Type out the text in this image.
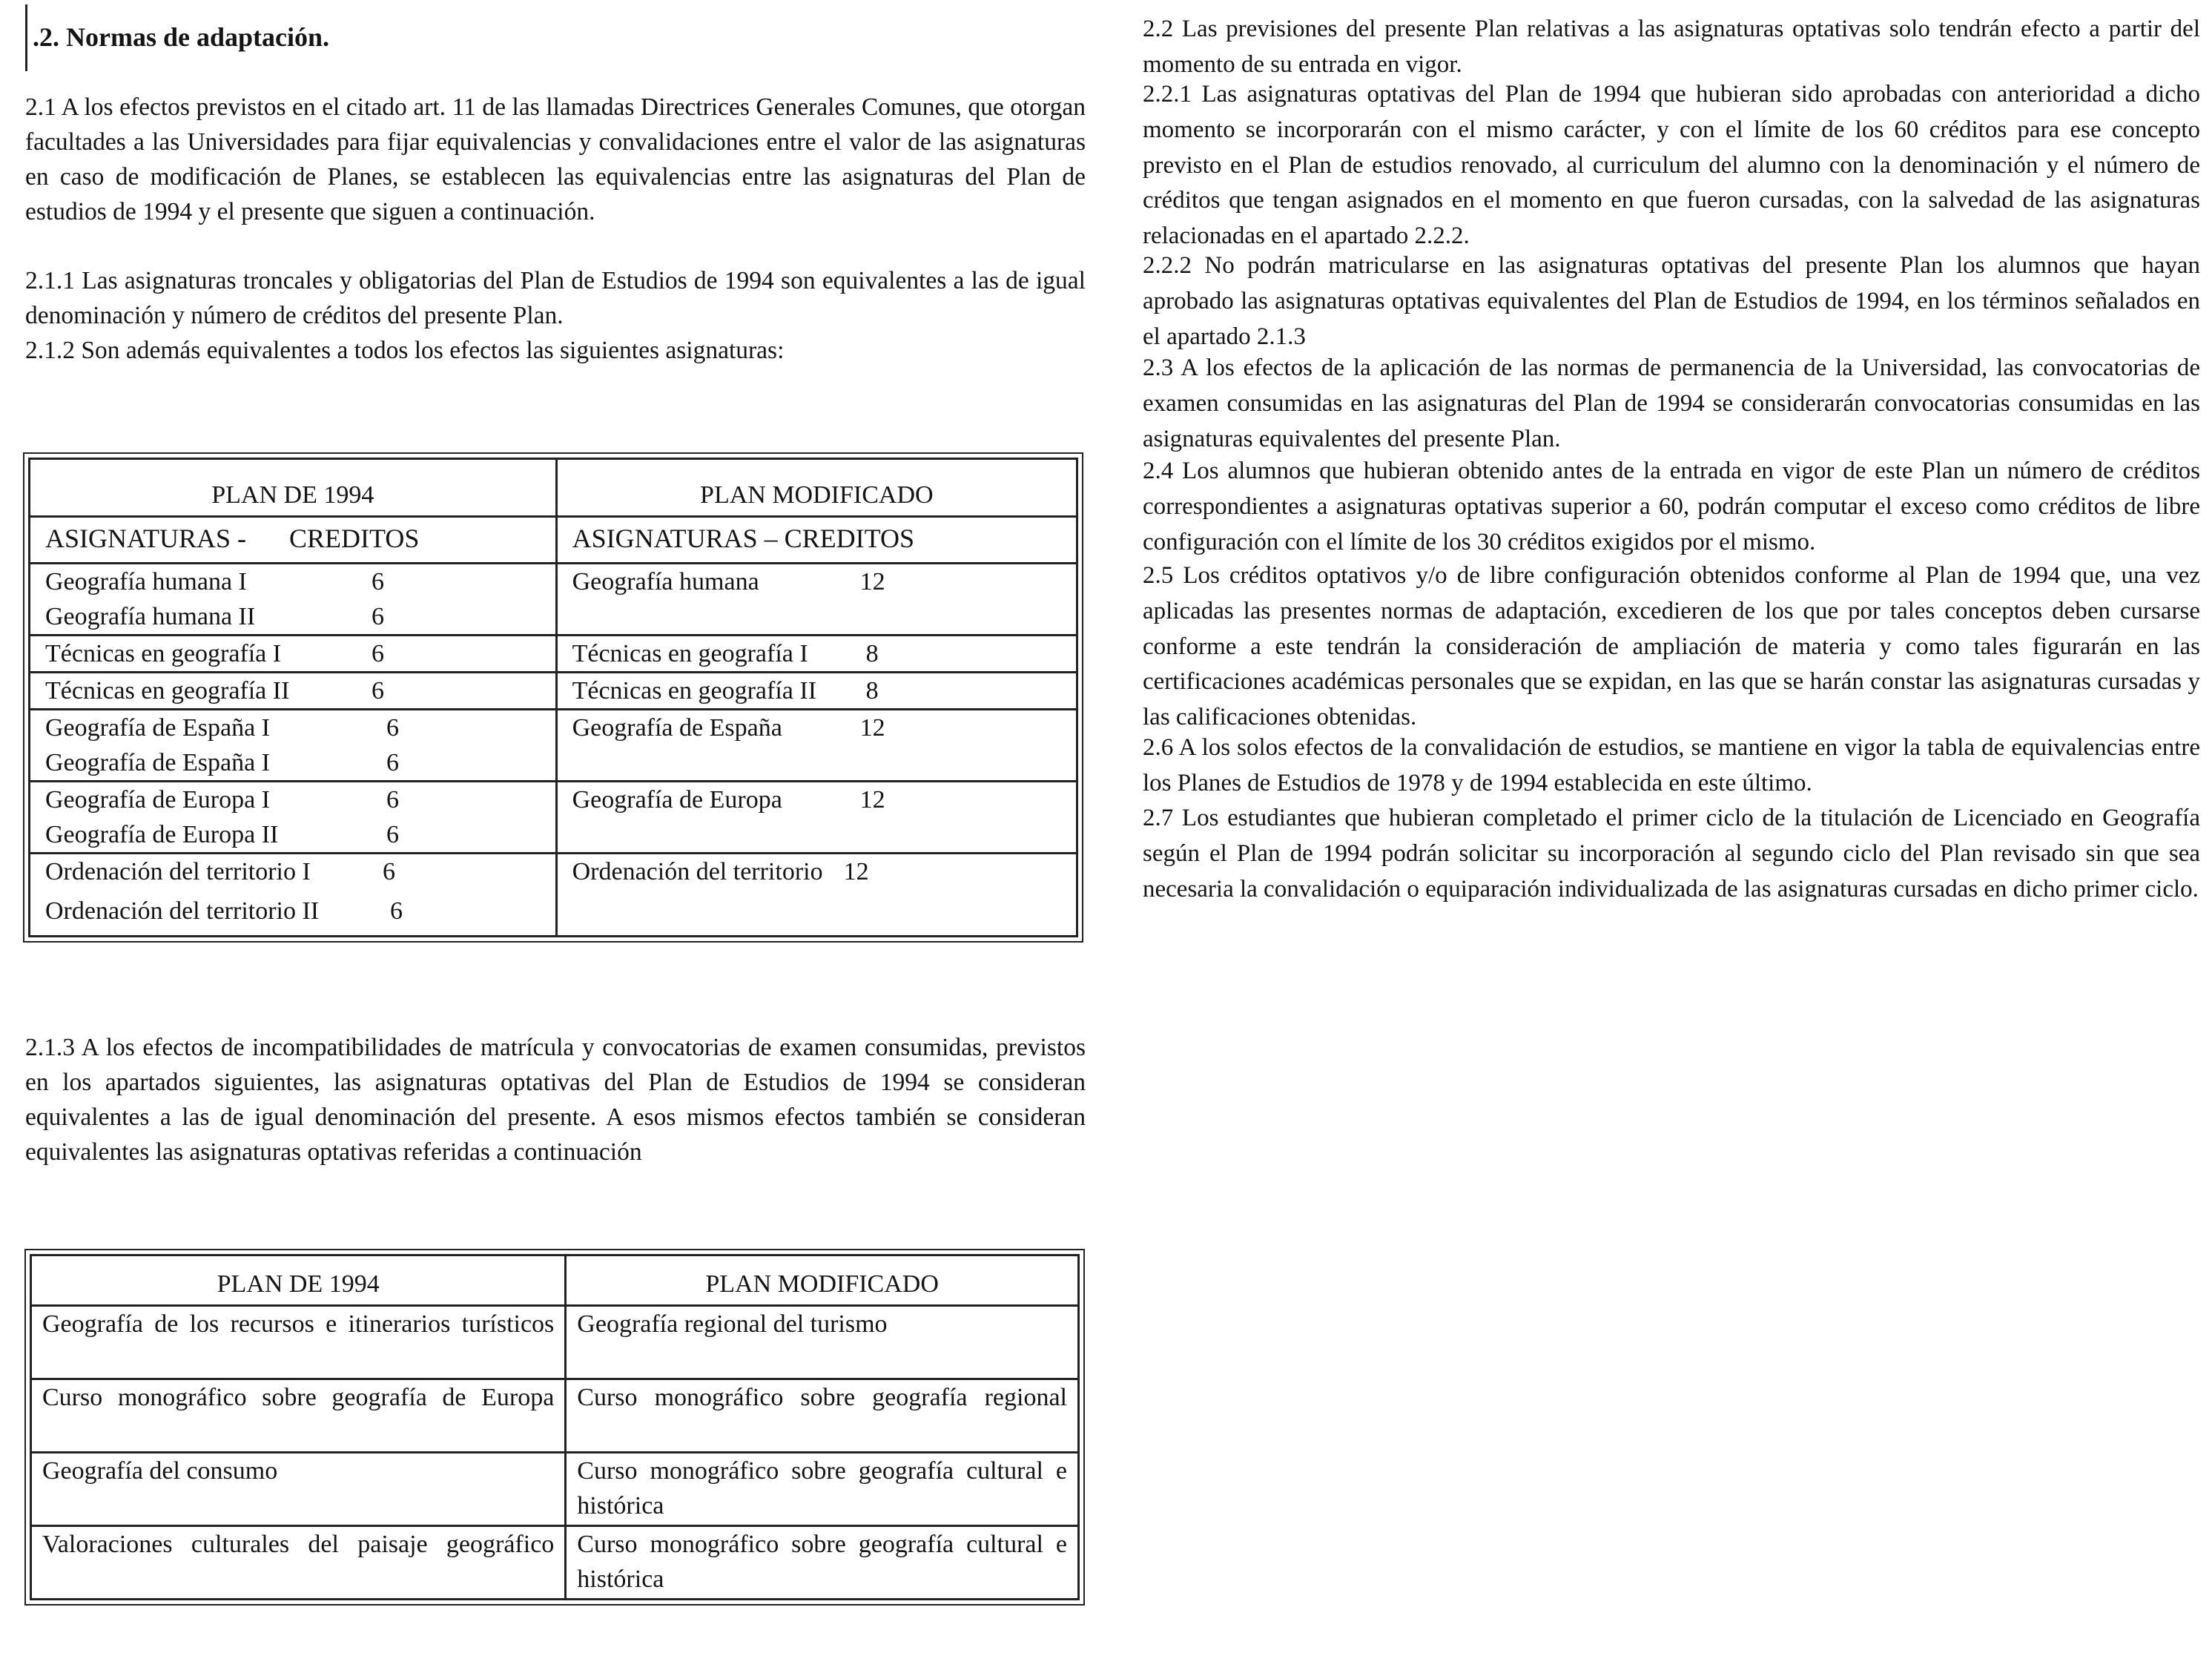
.2. Normas de adaptación.

2.1 A los efectos previstos en el citado art. 11 de las llamadas Directrices Generales Comunes, que otorgan facultades a las Universidades para fijar equivalencias y convalidaciones entre el valor de las asignaturas en caso de modificación de Planes, se establecen las equivalencias entre las asignaturas del Plan de estudios de 1994 y el presente que siguen a continuación.

2.1.1 Las asignaturas troncales y obligatorias del Plan de Estudios de 1994 son equivalentes a las de igual denominación y número de créditos del presente Plan.

2.1.2 Son además equivalentes a todos los efectos las siguientes asignaturas:

PLAN DE 1994	PLAN MODIFICADO
ASIGNATURAS - CREDITOS	ASIGNATURAS – CREDITOS

Geografía humana I 6
Geografía humana II 6	Geografía humana 12

Técnicas en geografía I 6	Técnicas en geografía I 8

Técnicas en geografía II 6	Técnicas en geografía II 8

Geografía de España I 6
Geografía de España I 6	Geografía de España 12

Geografía de Europa I 6
Geografía de Europa II 6	Geografía de Europa 12

Ordenación del territorio I 6
Ordenación del territorio II 6	Ordenación del territorio 12

2.1.3 A los efectos de incompatibilidades de matrícula y convocatorias de examen consumidas, previstos en los apartados siguientes, las asignaturas optativas del Plan de Estudios de 1994 se consideran equivalentes a las de igual denominación del presente. A esos mismos efectos también se consideran equivalentes las asignaturas optativas referidas a continuación

PLAN DE 1994	PLAN MODIFICADO

Geografía de los recursos e itinerarios turísticos	Geografía regional del turismo

Curso monográfico sobre geografía de Europa	Curso monográfico sobre geografía regional

Geografía del consumo	Curso monográfico sobre geografía cultural e histórica

Valoraciones culturales del paisaje geográfico	Curso monográfico sobre geografía cultural e histórica

2.2 Las previsiones del presente Plan relativas a las asignaturas optativas solo tendrán efecto a partir del momento de su entrada en vigor.

2.2.1 Las asignaturas optativas del Plan de 1994 que hubieran sido aprobadas con anterioridad a dicho momento se incorporarán con el mismo carácter, y con el límite de los 60 créditos para ese concepto previsto en el Plan de estudios renovado, al curriculum del alumno con la denominación y el número de créditos que tengan asignados en el momento en que fueron cursadas, con la salvedad de las asignaturas relacionadas en el apartado 2.2.2.

2.2.2 No podrán matricularse en las asignaturas optativas del presente Plan los alumnos que hayan aprobado las asignaturas optativas equivalentes del Plan de Estudios de 1994, en los términos señalados en el apartado 2.1.3

2.3 A los efectos de la aplicación de las normas de permanencia de la Universidad, las convocatorias de examen consumidas en las asignaturas del Plan de 1994 se considerarán convocatorias consumidas en las asignaturas equivalentes del presente Plan.

2.4 Los alumnos que hubieran obtenido antes de la entrada en vigor de este Plan un número de créditos correspondientes a asignaturas optativas superior a 60, podrán computar el exceso como créditos de libre configuración con el límite de los 30 créditos exigidos por el mismo.

2.5 Los créditos optativos y/o de libre configuración obtenidos conforme al Plan de 1994 que, una vez aplicadas las presentes normas de adaptación, excedieren de los que por tales conceptos deben cursarse conforme a este tendrán la consideración de ampliación de materia y como tales figurarán en las certificaciones académicas personales que se expidan, en las que se harán constar las asignaturas cursadas y las calificaciones obtenidas.

2.6 A los solos efectos de la convalidación de estudios, se mantiene en vigor la tabla de equivalencias entre los Planes de Estudios de 1978 y de 1994 establecida en este último.

2.7 Los estudiantes que hubieran completado el primer ciclo de la titulación de Licenciado en Geografía según el Plan de 1994 podrán solicitar su incorporación al segundo ciclo del Plan revisado sin que sea necesaria la convalidación o equiparación individualizada de las asignaturas cursadas en dicho primer ciclo.
